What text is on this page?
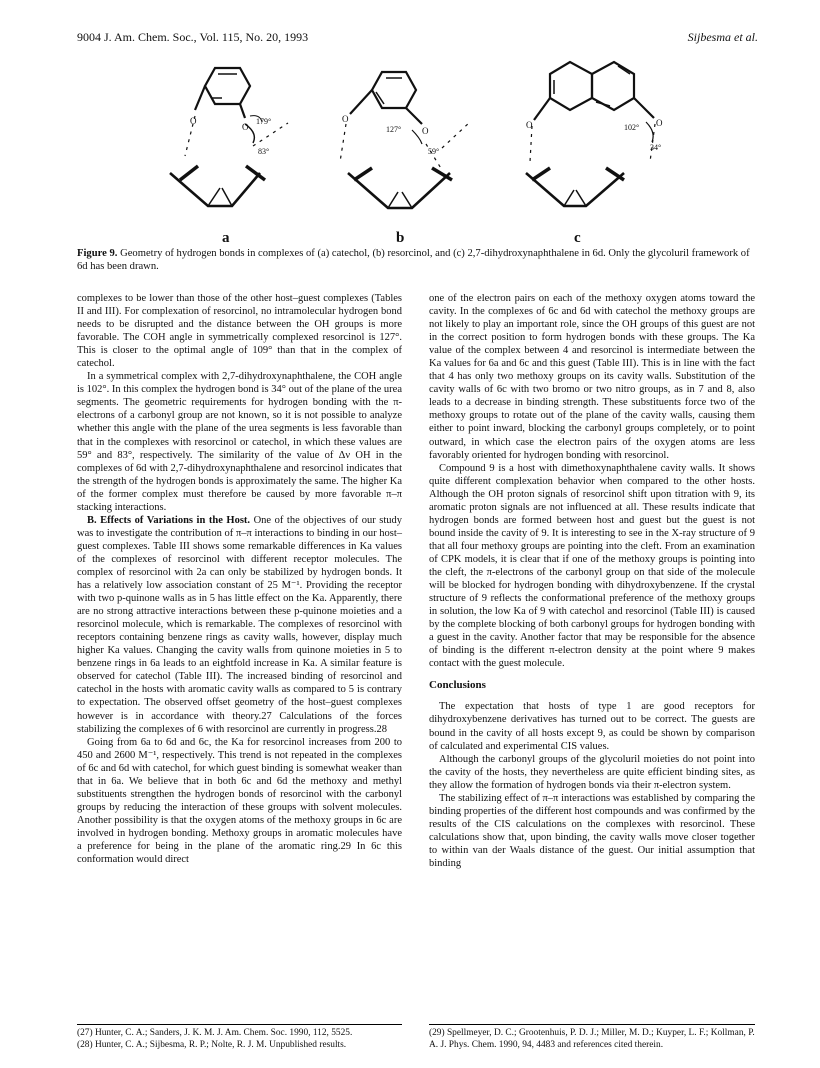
9004 J. Am. Chem. Soc., Vol. 115, No. 20, 1993	Sijbesma et al.
O
O
179°
83°
O
O
127°
59°
O	O
102°
34°
a	b	c
Figure 9. Geometry of hydrogen bonds in complexes of (a) catechol, (b) resorcinol, and (c) 2,7-dihydroxynaphthalene in 6d. Only the glycoluril framework of 6d has been drawn.

complexes to be lower than those of the other host–guest complexes (Tables II and III). For complexation of resorcinol, no intramolecular hydrogen bond needs to be disrupted and the distance between the OH groups is more favorable. The COH angle in symmetrically complexed resorcinol is 127°. This is closer to the optimal angle of 109° than that in the complex of catechol.

In a symmetrical complex with 2,7-dihydroxynaphthalene, the COH angle is 102°. In this complex the hydrogen bond is 34° out of the plane of the urea segments. The geometric requirements for hydrogen bonding with the π-electrons of a carbonyl group are not known, so it is not possible to analyze whether this angle with the plane of the urea segments is less favorable than that in the complexes with resorcinol or catechol, in which these values are 59° and 83°, respectively. The similarity of the value of Δν OH in the complexes of 6d with 2,7-dihydroxynaphthalene and resorcinol indicates that the strength of the hydrogen bonds is approximately the same. The higher Ka of the former complex must therefore be caused by more favorable π–π stacking interactions.

B. Effects of Variations in the Host. One of the objectives of our study was to investigate the contribution of π–π interactions to binding in our host–guest complexes. Table III shows some remarkable differences in Ka values of the complexes of resorcinol with different receptor molecules. The complex of resorcinol with 2a can only be stabilized by hydrogen bonds. It has a relatively low association constant of 25 M⁻¹. Providing the receptor with two p-quinone walls as in 5 has little effect on the Ka. Apparently, there are no strong attractive interactions between these p-quinone moieties and a resorcinol molecule, which is remarkable. The complexes of resorcinol with receptors containing benzene rings as cavity walls, however, display much higher Ka values. Changing the cavity walls from quinone moieties in 5 to benzene rings in 6a leads to an eightfold increase in Ka. A similar feature is observed for catechol (Table III). The increased binding of resorcinol and catechol in the hosts with aromatic cavity walls as compared to 5 is contrary to expectation. The observed offset geometry of the host–guest complexes however is in accordance with theory.27 Calculations of the forces stabilizing the complexes of 6 with resorcinol are currently in progress.28

Going from 6a to 6d and 6c, the Ka for resorcinol increases from 200 to 450 and 2600 M⁻¹, respectively. This trend is not repeated in the complexes of 6c and 6d with catechol, for which guest binding is somewhat weaker than that in 6a. We believe that in both 6c and 6d the methoxy and methyl substituents strengthen the hydrogen bonds of resorcinol with the carbonyl groups by reducing the interaction of these groups with solvent molecules. Another possibility is that the oxygen atoms of the methoxy groups in 6c are involved in hydrogen bonding. Methoxy groups in aromatic molecules have a preference for being in the plane of the aromatic ring.29 In 6c this conformation would direct

one of the electron pairs on each of the methoxy oxygen atoms toward the cavity. In the complexes of 6c and 6d with catechol the methoxy groups are not likely to play an important role, since the OH groups of this guest are not in the correct position to form hydrogen bonds with these groups. The Ka value of the complex between 4 and resorcinol is intermediate between the Ka values for 6a and 6c and this guest (Table III). This is in line with the fact that 4 has only two methoxy groups on its cavity walls. Substitution of the cavity walls of 6c with two bromo or two nitro groups, as in 7 and 8, also leads to a decrease in binding strength. These substituents force two of the methoxy groups to rotate out of the plane of the cavity walls, causing them either to point inward, blocking the carbonyl groups completely, or to point outward, in which case the electron pairs of the oxygen atoms are less favorably oriented for hydrogen bonding with resorcinol.

Compound 9 is a host with dimethoxynaphthalene cavity walls. It shows quite different complexation behavior when compared to the other hosts. Although the OH proton signals of resorcinol shift upon titration with 9, its aromatic proton signals are not influenced at all. These results indicate that hydrogen bonds are formed between host and guest but the guest is not bound inside the cavity of 9. It is interesting to see in the X-ray structure of 9 that all four methoxy groups are pointing into the cleft. From an examination of CPK models, it is clear that if one of the methoxy groups is pointing into the cleft, the π-electrons of the carbonyl group on that side of the molecule will be blocked for hydrogen bonding with dihydroxybenzene. If the crystal structure of 9 reflects the conformational preference of the methoxy groups in solution, the low Ka of 9 with catechol and resorcinol (Table III) is caused by the complete blocking of both carbonyl groups for hydrogen bonding with a guest in the cavity. Another factor that may be responsible for the absence of binding is the different π-electron density at the point where 9 makes contact with the guest molecule.

Conclusions

The expectation that hosts of type 1 are good receptors for dihydroxybenzene derivatives has turned out to be correct. The guests are bound in the cavity of all hosts except 9, as could be shown by comparison of calculated and experimental CIS values.

Although the carbonyl groups of the glycoluril moieties do not point into the cavity of the hosts, they nevertheless are quite efficient binding sites, as they allow the formation of hydrogen bonds via their π-electron system.

The stabilizing effect of π–π interactions was established by comparing the binding properties of the different host compounds and was confirmed by the results of the CIS calculations on the complexes with resorcinol. These calculations show that, upon binding, the cavity walls move closer together to within van der Waals distance of the guest. Our initial assumption that binding

(27) Hunter, C. A.; Sanders, J. K. M. J. Am. Chem. Soc. 1990, 112, 5525.

(28) Hunter, C. A.; Sijbesma, R. P.; Nolte, R. J. M. Unpublished results.

(29) Spellmeyer, D. C.; Grootenhuis, P. D. J.; Miller, M. D.; Kuyper, L. F.; Kollman, P. A. J. Phys. Chem. 1990, 94, 4483 and references cited therein.
